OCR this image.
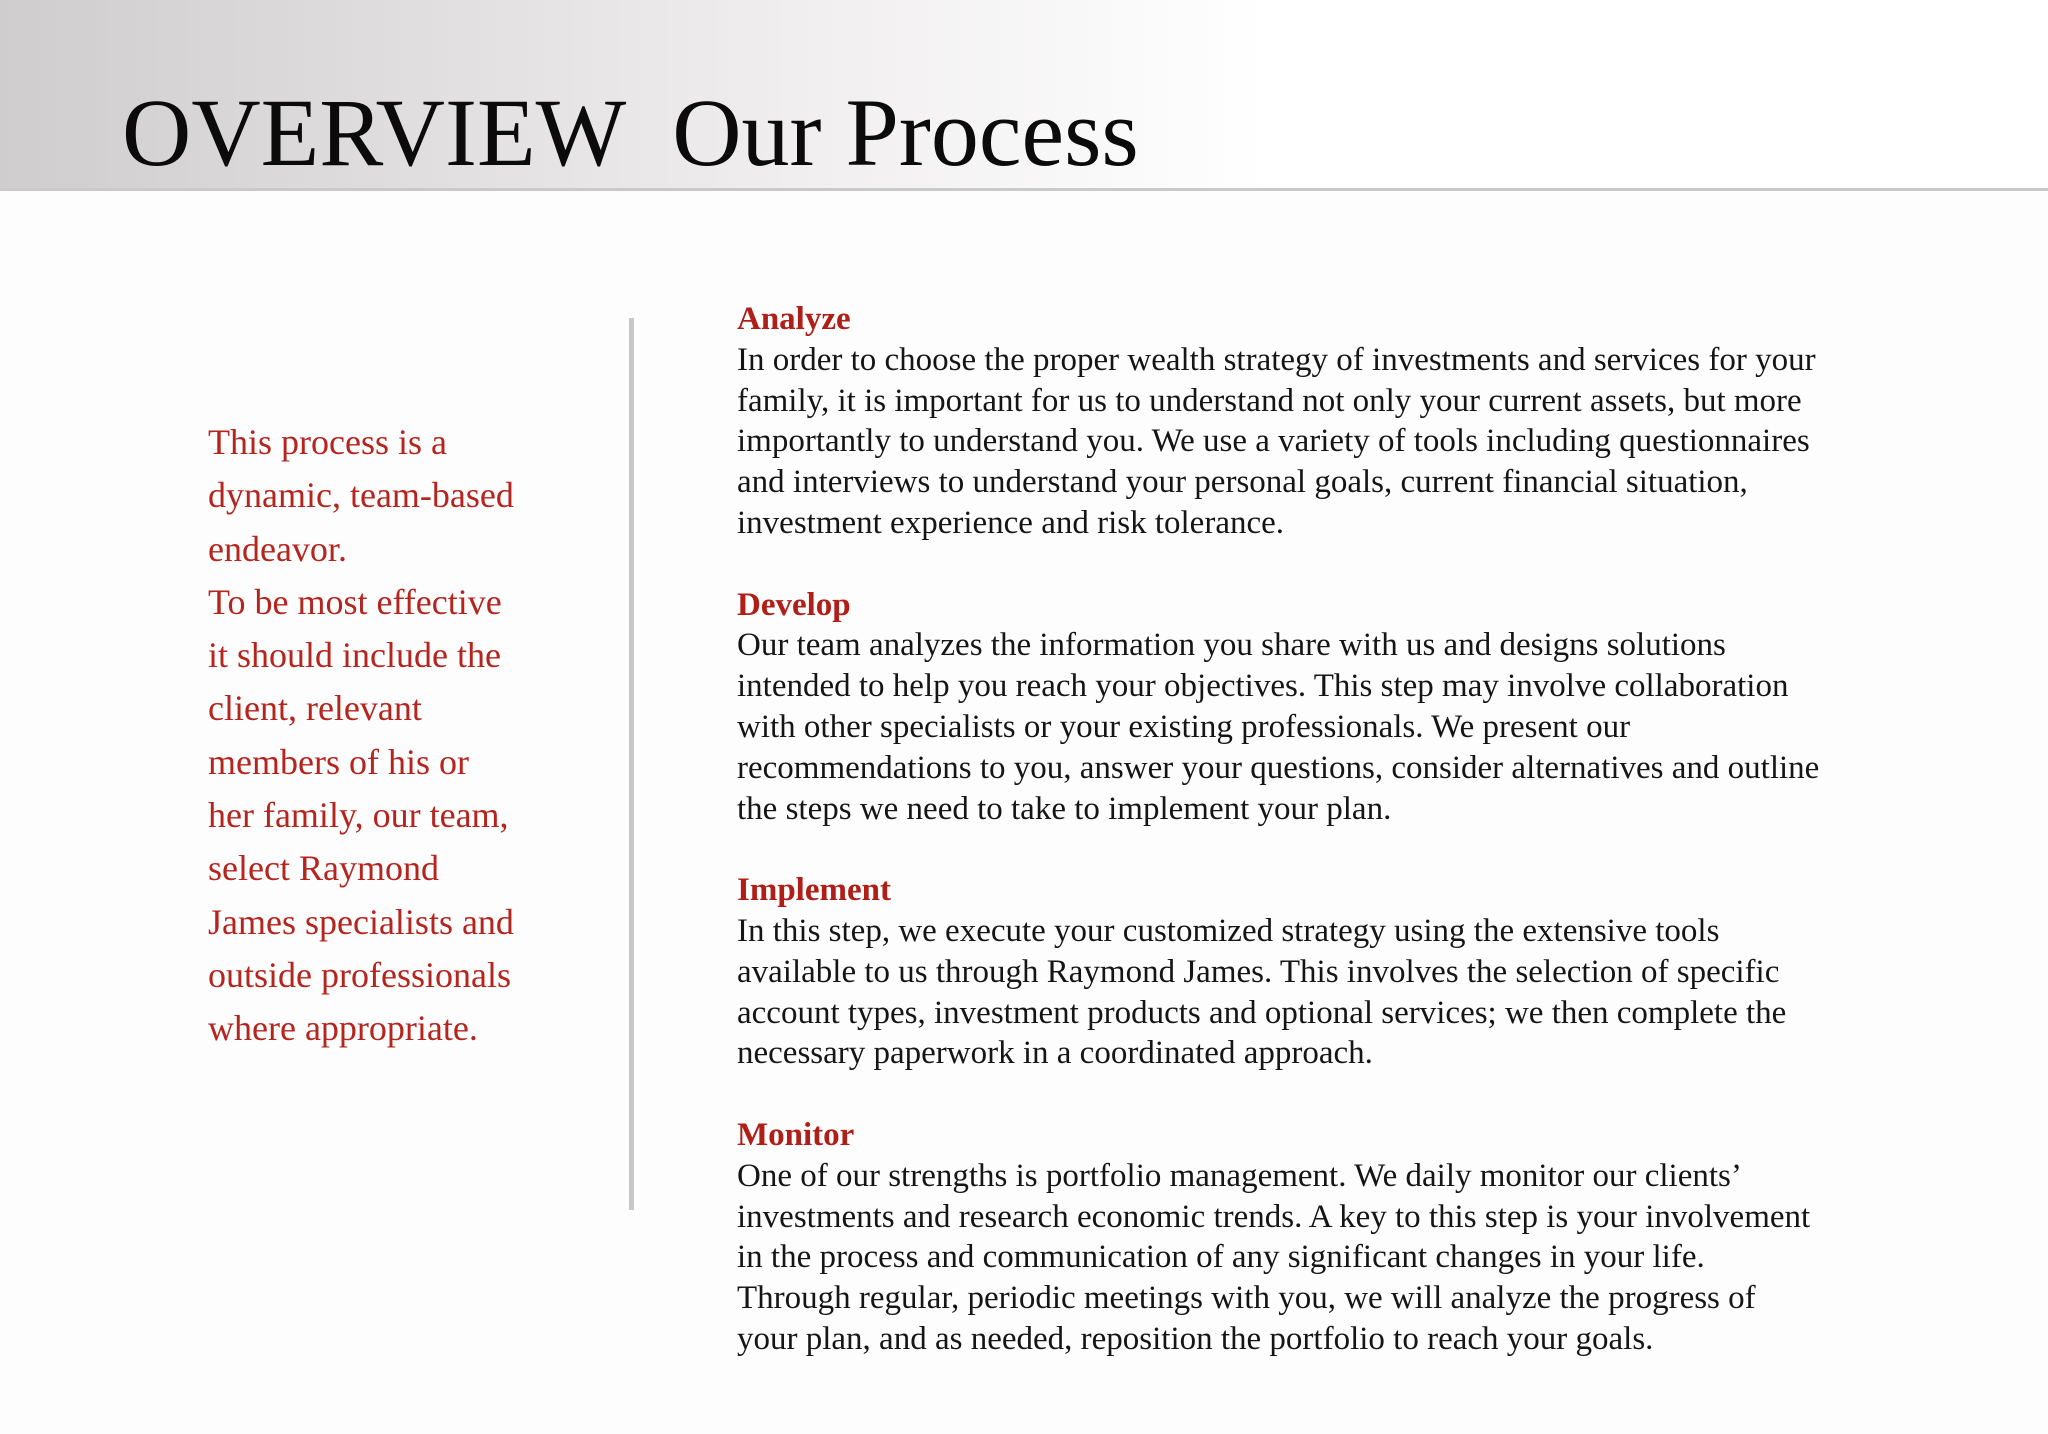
OVERVIEW Our Process

This process is a
dynamic, team-based
endeavor.

To be most effective
it should include the
client, relevant
members of his or
her family, our team,
select Raymond
James specialists and
outside professionals
where appropriate.

Analyze

In order to choose the proper wealth strategy of investments and services for your
family, it is important for us to understand not only your current assets, but more
importantly to understand you. We use a variety of tools including questionnaires
and interviews to understand your personal goals, current financial situation,
investment experience and risk tolerance.

Develop

Our team analyzes the information you share with us and designs solutions
intended to help you reach your objectives. This step may involve collaboration
with other specialists or your existing professionals. We present our
recommendations to you, answer your questions, consider alternatives and outline
the steps we need to take to implement your plan.

Implement

In this step, we execute your customized strategy using the extensive tools
available to us through Raymond James. This involves the selection of specific
account types, investment products and optional services; we then complete the
necessary paperwork in a coordinated approach.

Monitor

One of our strengths is portfolio management. We daily monitor our clients’
investments and research economic trends. A key to this step is your involvement
in the process and communication of any significant changes in your life.
Through regular, periodic meetings with you, we will analyze the progress of
your plan, and as needed, reposition the portfolio to reach your goals.
